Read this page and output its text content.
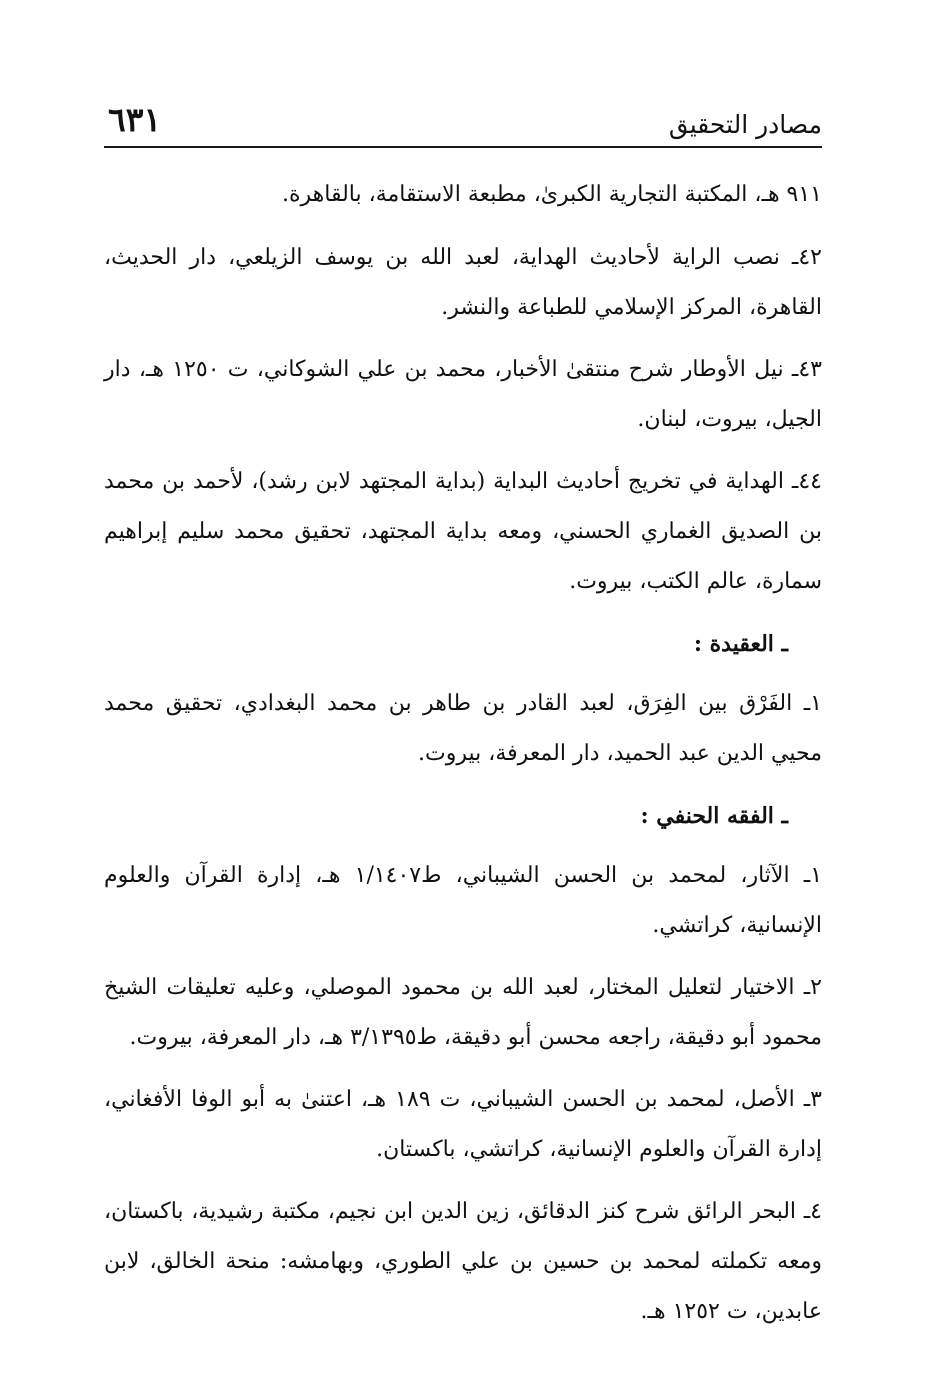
مصادر التحقيق
٦٣١

٩١١ هـ، المكتبة التجارية الكبرىٰ، مطبعة الاستقامة، بالقاهرة.

٤٢ـ نصب الراية لأحاديث الهداية، لعبد الله بن يوسف الزيلعي، دار الحديث، القاهرة، المركز الإسلامي للطباعة والنشر.

٤٣ـ نيل الأوطار شرح منتقىٰ الأخبار، محمد بن علي الشوكاني، ت ١٢٥٠ هـ، دار الجيل، بيروت، لبنان.

٤٤ـ الهداية في تخريج أحاديث البداية (بداية المجتهد لابن رشد)، لأحمد بن محمد بن الصديق الغماري الحسني، ومعه بداية المجتهد، تحقيق محمد سليم إبراهيم سمارة، عالم الكتب، بيروت.

ـ العقيدة :

١ـ الفَرْق بين الفِرَق، لعبد القادر بن طاهر بن محمد البغدادي، تحقيق محمد محيي الدين عبد الحميد، دار المعرفة، بيروت.

ـ الفقه الحنفي :

١ـ الآثار، لمحمد بن الحسن الشيباني، ط١/١٤٠٧ هـ، إدارة القرآن والعلوم الإنسانية، كراتشي.

٢ـ الاختيار لتعليل المختار، لعبد الله بن محمود الموصلي، وعليه تعليقات الشيخ محمود أبو دقيقة، راجعه محسن أبو دقيقة، ط٣/١٣٩٥ هـ، دار المعرفة، بيروت.

٣ـ الأصل، لمحمد بن الحسن الشيباني، ت ١٨٩ هـ، اعتنىٰ به أبو الوفا الأفغاني، إدارة القرآن والعلوم الإنسانية، كراتشي، باكستان.

٤ـ البحر الرائق شرح كنز الدقائق، زين الدين ابن نجيم، مكتبة رشيدية، باكستان، ومعه تكملته لمحمد بن حسين بن علي الطوري، وبهامشه: منحة الخالق، لابن عابدين، ت ١٢٥٢ هـ.
